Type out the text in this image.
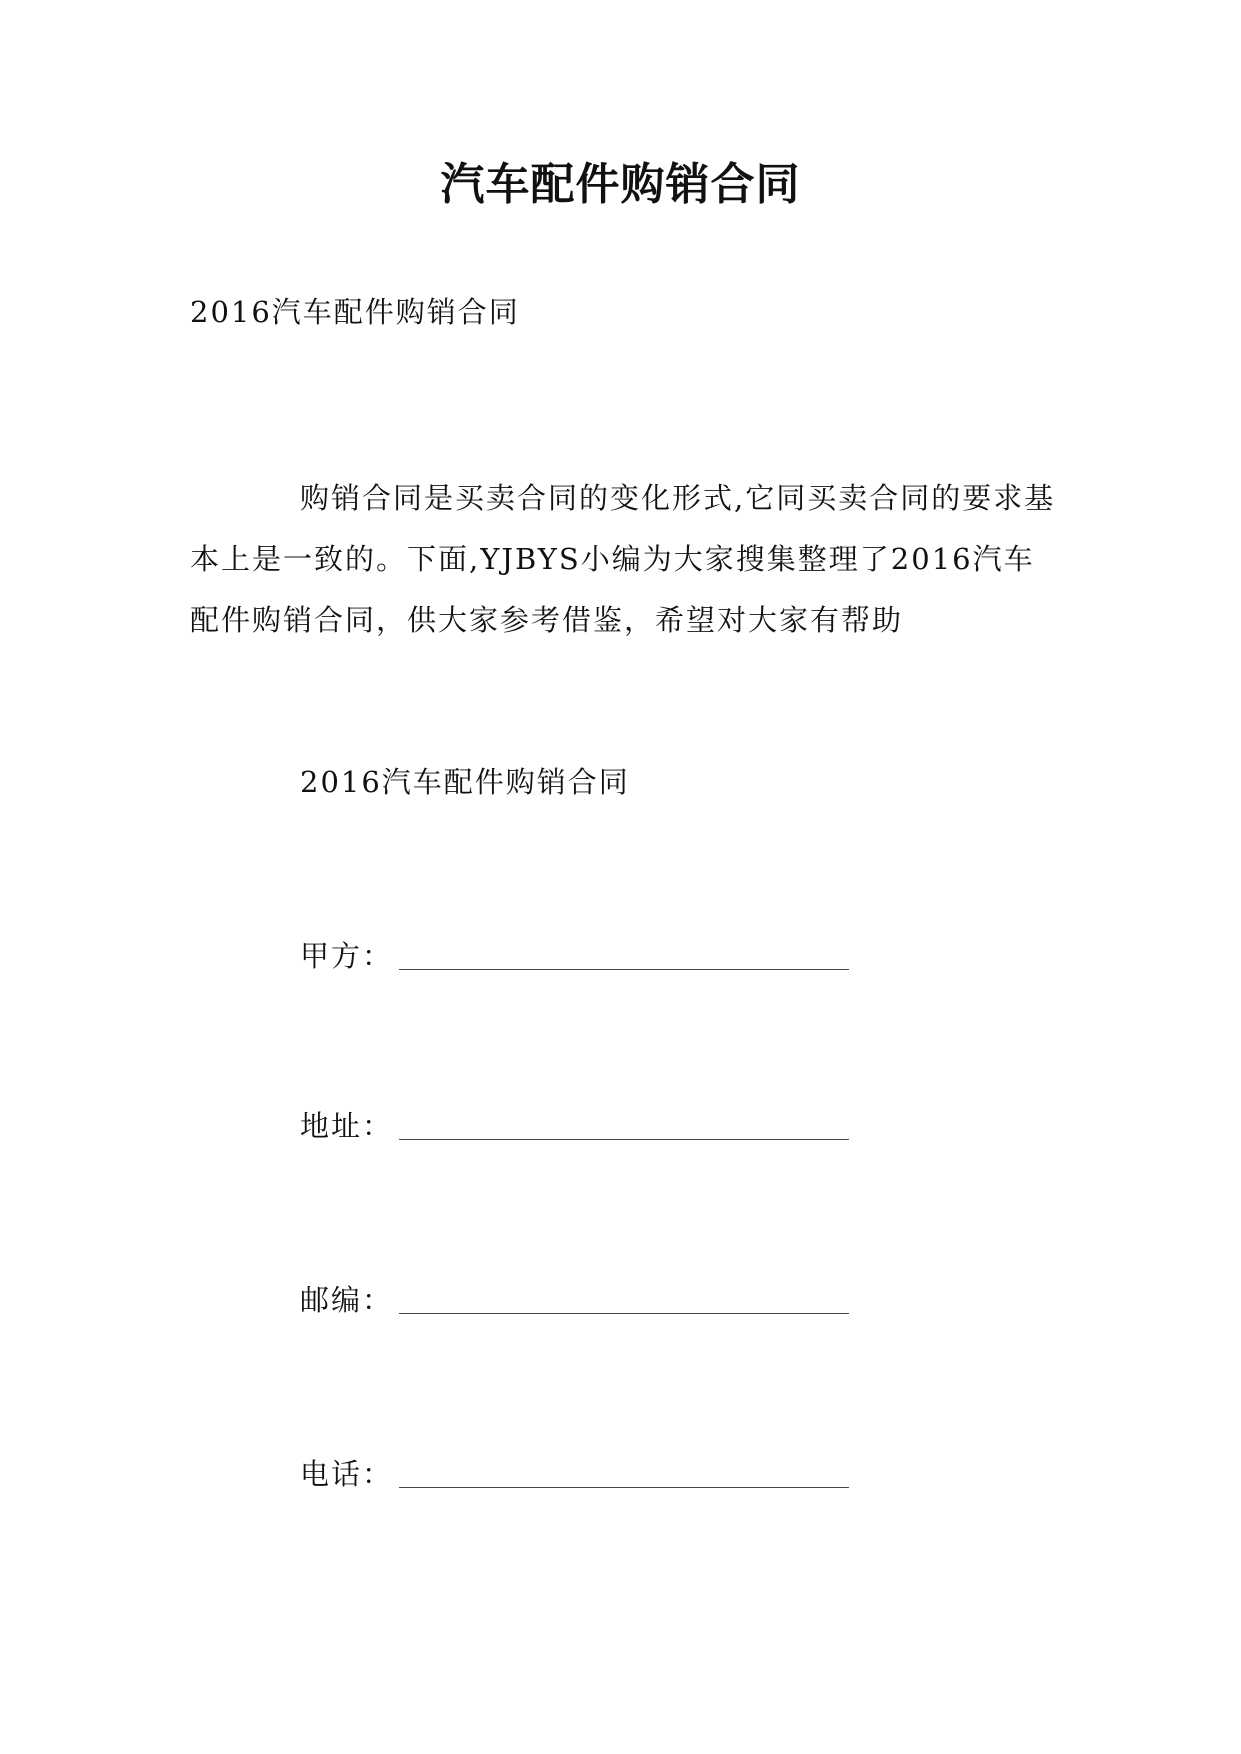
汽车配件购销合同
2016汽车配件购销合同
购销合同是买卖合同的变化形式,它同买卖合同的要求基本上是一致的。下面,YJBYS小编为大家搜集整理了2016汽车配件购销合同，供大家参考借鉴，希望对大家有帮助
2016汽车配件购销合同
甲方：
地址：
邮编：
电话：
